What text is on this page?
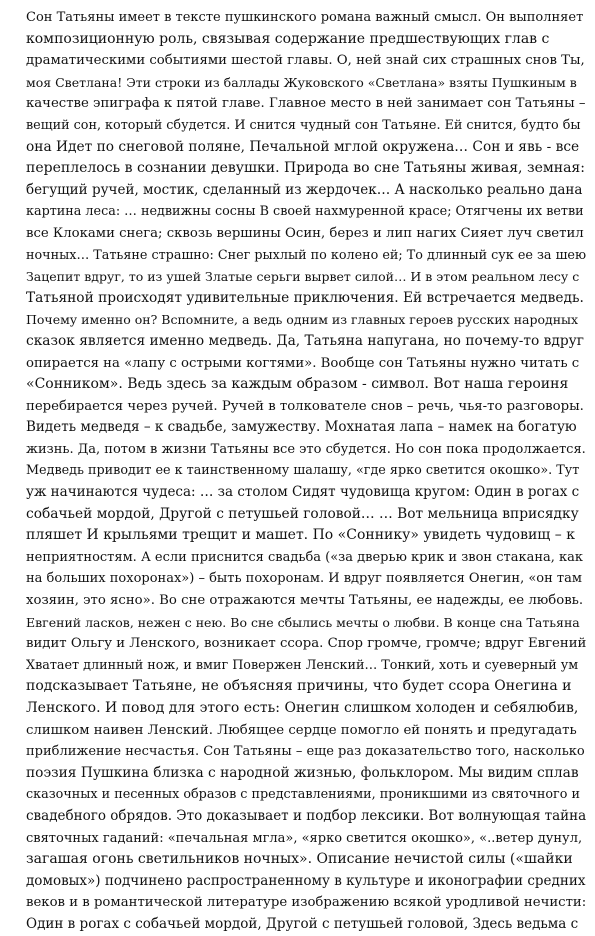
Сон Татьяны имеет в тексте пушкинского романа важный смысл. Он выполняет
композиционную роль, связывая содержание предшествующих глав с
драматическими событиями шестой главы. О, ней знай сих страшных снов Ты,
моя Светлана! Эти строки из баллады Жуковского «Светлана» взяты Пушкиным в
качестве эпиграфа к пятой главе. Главное место в ней занимает сон Татьяны –
вещий сон, который сбудется. И снится чудный сон Татьяне. Ей снится, будто бы
она Идет по снеговой поляне, Печальной мглой окружена… Сон и явь - все
переплелось в сознании девушки. Природа во сне Татьяны живая, земная:
бегущий ручей, мостик, сделанный из жердочек… А насколько реально дана
картина леса: … недвижны сосны В своей нахмуренной красе; Отягчены их ветви
все Клоками снега; сквозь вершины Осин, берез и лип нагих Сияет луч светил
ночных… Татьяне страшно: Снег рыхлый по колено ей; То длинный сук ее за шею
Зацепит вдруг, то из ушей Златые серьги вырвет силой… И в этом реальном лесу с
Татьяной происходят удивительные приключения. Ей встречается медведь.
Почему именно он? Вспомните, а ведь одним из главных героев русских народных
сказок является именно медведь. Да, Татьяна напугана, но почему-то вдруг
опирается на «лапу с острыми когтями». Вообще сон Татьяны нужно читать с
«Сонником». Ведь здесь за каждым образом - символ. Вот наша героиня
перебирается через ручей. Ручей в толкователе снов – речь, чья-то разговоры.
Видеть медведя – к свадьбе, замужеству. Мохнатая лапа – намек на богатую
жизнь. Да, потом в жизни Татьяны все это сбудется. Но сон пока продолжается.
Медведь приводит ее к таинственному шалашу, «где ярко светится окошко». Тут
уж начинаются чудеса: … за столом Сидят чудовища кругом: Один в рогах с
собачьей мордой, Другой с петушьей головой… … Вот мельница вприсядку
пляшет И крыльями трещит и машет. По «Соннику» увидеть чудовищ – к
неприятностям. А если приснится свадьба («за дверью крик и звон стакана, как
на больших похоронах») – быть похоронам. И вдруг появляется Онегин, «он там
хозяин, это ясно». Во сне отражаются мечты Татьяны, ее надежды, ее любовь.
Евгений ласков, нежен с нею. Во сне сбылись мечты о любви. В конце сна Татьяна
видит Ольгу и Ленского, возникает ссора. Спор громче, громче; вдруг Евгений
Хватает длинный нож, и вмиг Повержен Ленский… Тонкий, хоть и суеверный ум
подсказывает Татьяне, не объясняя причины, что будет ссора Онегина и
Ленского. И повод для этого есть: Онегин слишком холоден и себялюбив,
слишком наивен Ленский. Любящее сердце помогло ей понять и предугадать
приближение несчастья. Сон Татьяны – еще раз доказательство того, насколько
поэзия Пушкина близка с народной жизнью, фольклором. Мы видим сплав
сказочных и песенных образов с представлениями, проникшими из святочного и
свадебного обрядов. Это доказывает и подбор лексики. Вот волнующая тайна
святочных гаданий: «печальная мгла», «ярко светится окошко», «..ветер дунул,
загашая огонь светильников ночных». Описание нечистой силы («шайки
домовых») подчинено распространенному в культуре и иконографии средних
веков и в романтической литературе изображению всякой уродливой нечисти:
Один в рогах с собачьей мордой, Другой с петушьей головой, Здесь ведьма с
